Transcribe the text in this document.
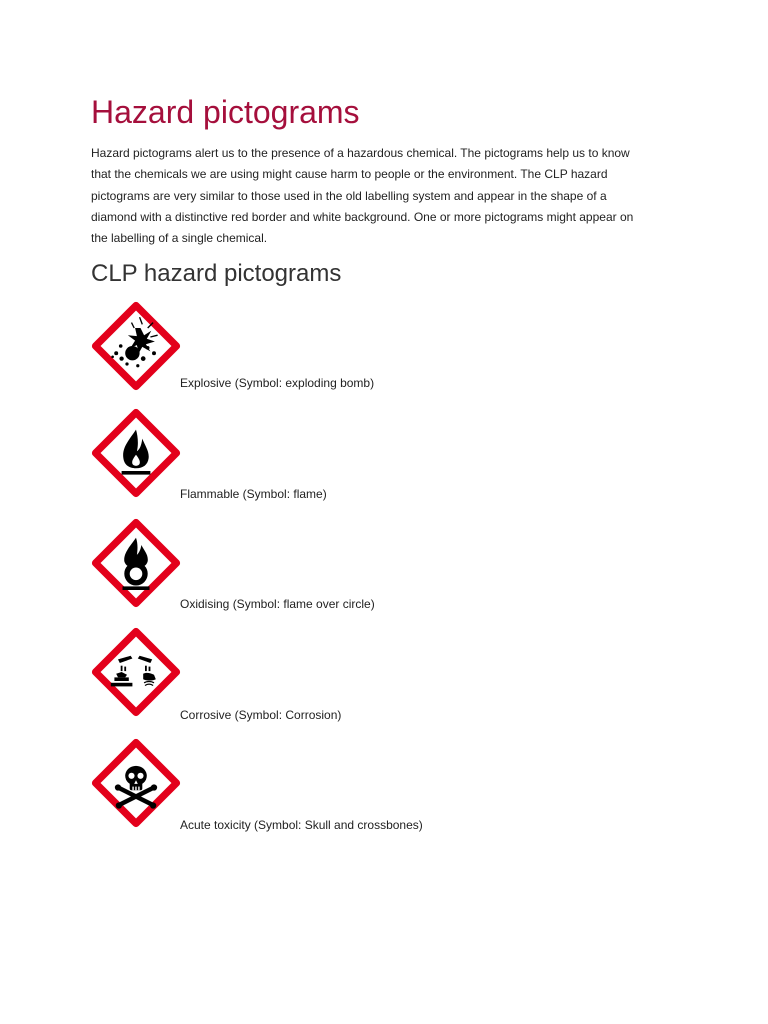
Hazard pictograms

Hazard pictograms alert us to the presence of a hazardous chemical. The pictograms help us to know
that the chemicals we are using might cause harm to people or the environment. The CLP hazard
pictograms are very similar to those used in the old labelling system and appear in the shape of a
diamond with a distinctive red border and white background. One or more pictograms might appear on
the labelling of a single chemical.

CLP hazard pictograms
Explosive (Symbol: exploding bomb)
Flammable (Symbol: flame)
Oxidising (Symbol: flame over circle)
Corrosive (Symbol: Corrosion)
Acute toxicity (Symbol: Skull and crossbones)
